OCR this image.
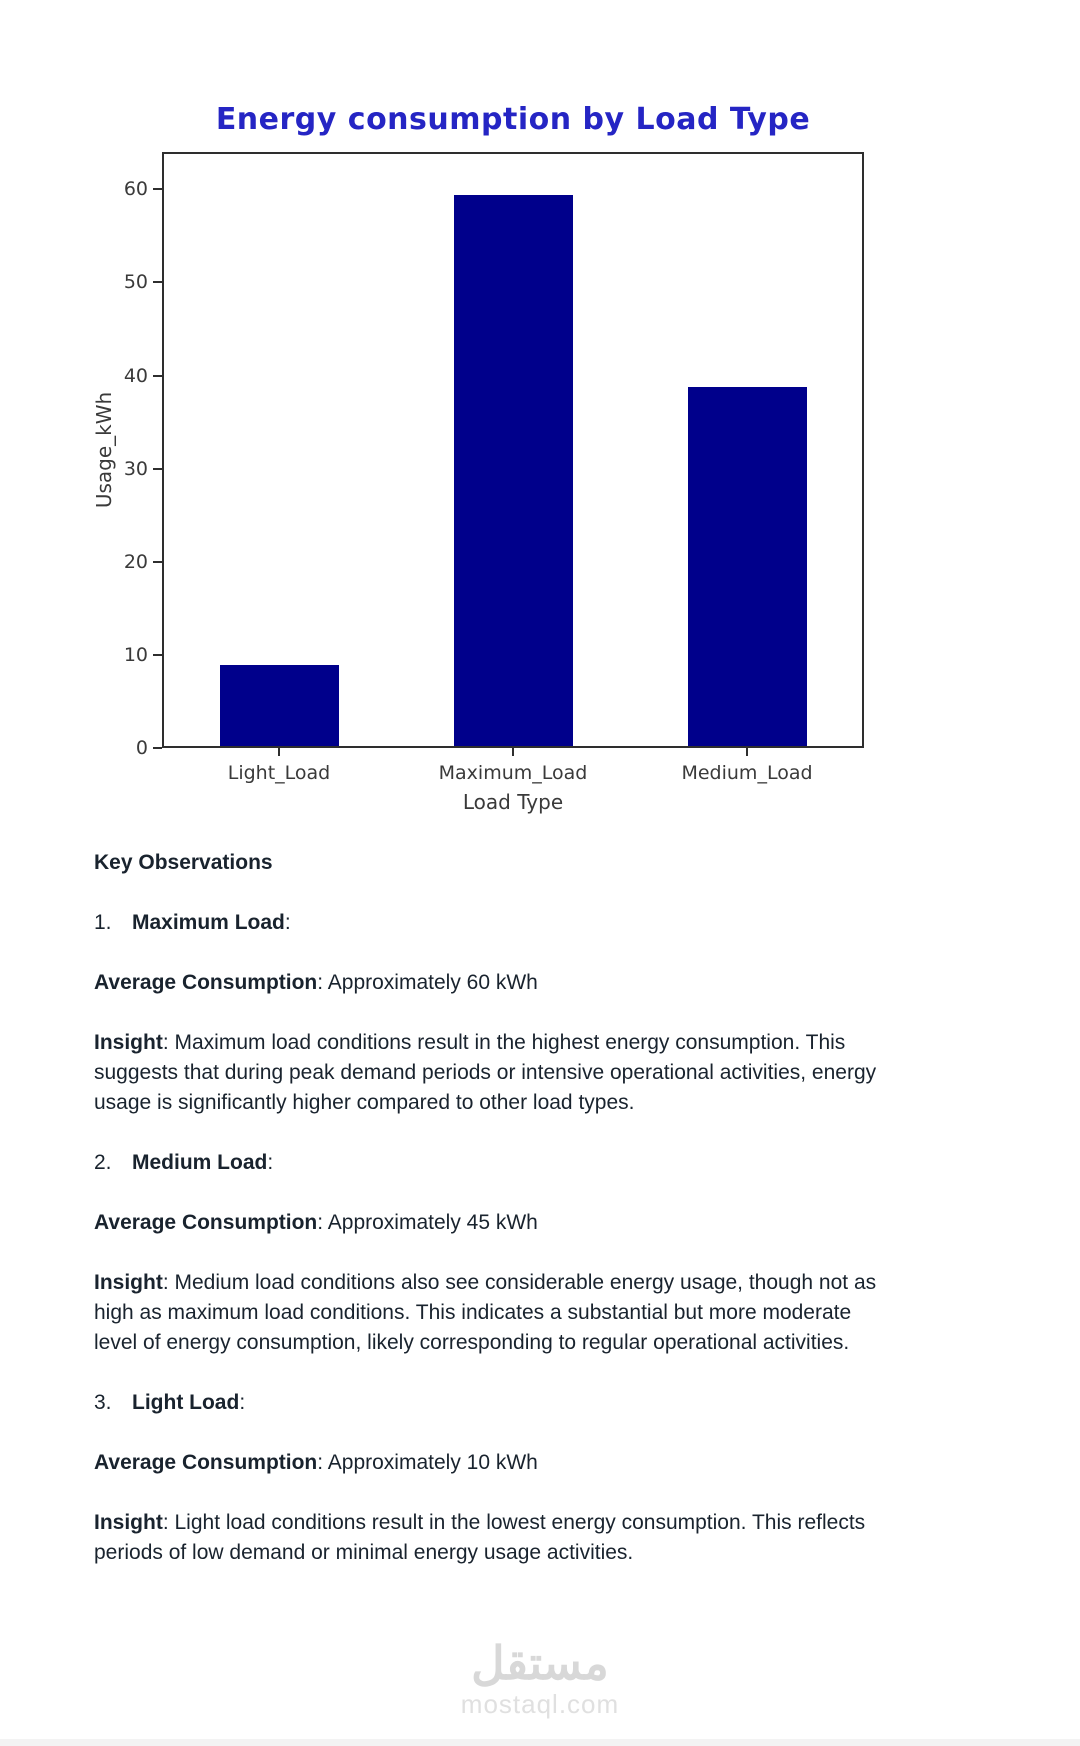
Energy consumption by Load Type
0
10
20
30
40
50
60
Light_Load	Maximum_Load	Medium_Load
Usage_kWh
Load Type

Key Observations

1. Maximum Load:

Average Consumption: Approximately 60 kWh

Insight: Maximum load conditions result in the highest energy consumption. This suggests that during peak demand periods or intensive operational activities, energy usage is significantly higher compared to other load types.

2. Medium Load:

Average Consumption: Approximately 45 kWh

Insight: Medium load conditions also see considerable energy usage, though not as high as maximum load conditions. This indicates a substantial but more moderate level of energy consumption, likely corresponding to regular operational activities.

3. Light Load:

Average Consumption: Approximately 10 kWh

Insight: Light load conditions result in the lowest energy consumption. This reflects periods of low demand or minimal energy usage activities.

مستقل
mostaql.com
